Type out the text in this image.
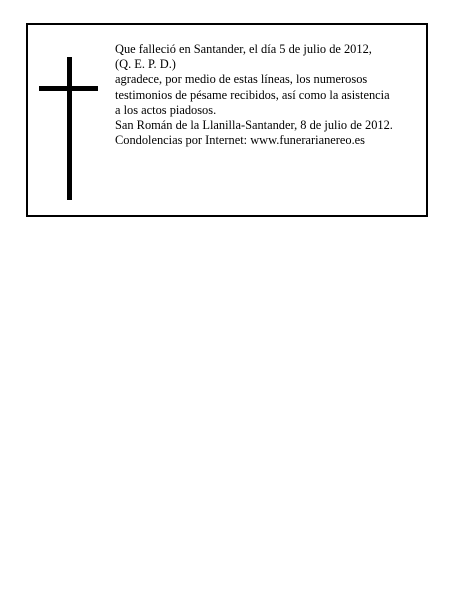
Que falleció en Santander, el día 5 de julio de 2012,
(Q. E. P. D.)
agradece, por medio de estas líneas, los numerosos
testimonios de pésame recibidos, así como la asistencia
a los actos piadosos.
San Román de la Llanilla-Santander, 8 de julio de 2012.
Condolencias por Internet: www.funerarianereo.es
